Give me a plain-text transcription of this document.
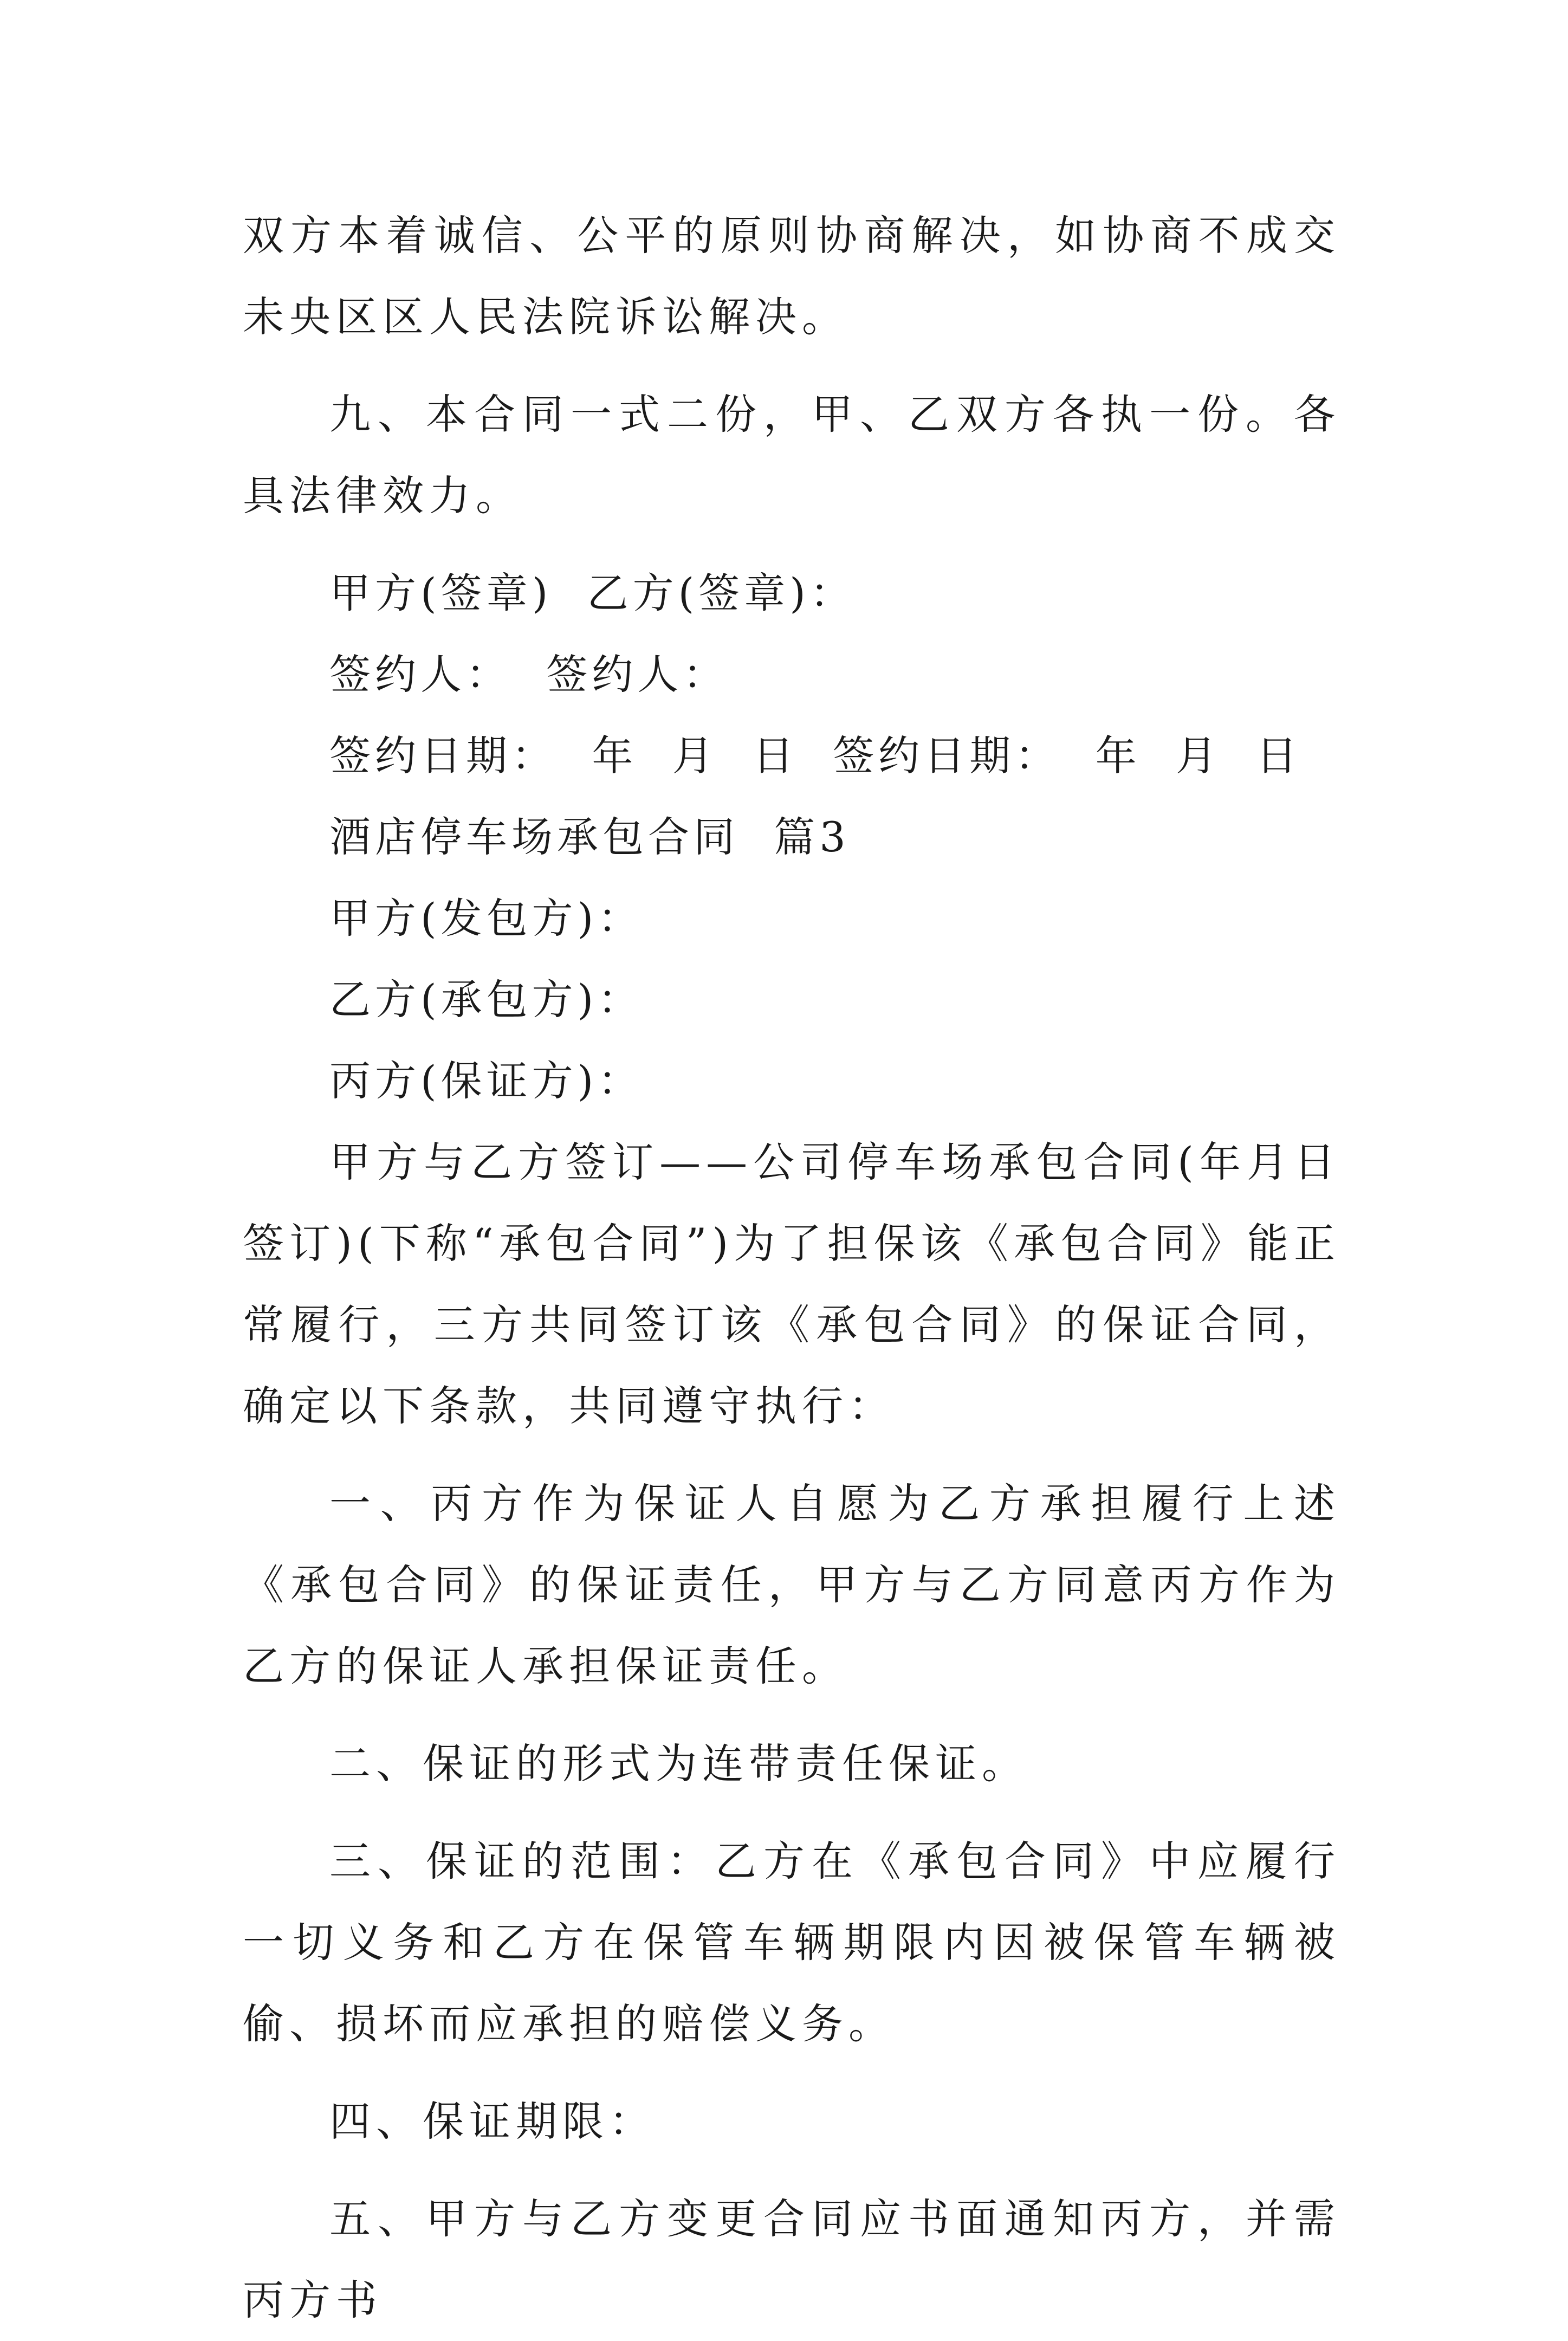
双方本着诚信、公平的原则协商解决，如协商不成交未央区区人民法院诉讼解决。

九、本合同一式二份，甲、乙双方各执一份。各具法律效力。

甲方(签章)  乙方(签章)：

签约人：  签约人：

签约日期：  年  月  日  签约日期：  年  月  日

酒店停车场承包合同  篇3

甲方(发包方)：

乙方(承包方)：

丙方(保证方)：

甲方与乙方签订——公司停车场承包合同(年月日签订)(下称“承包合同”)为了担保该《承包合同》能正常履行，三方共同签订该《承包合同》的保证合同，确定以下条款，共同遵守执行：

一、丙方作为保证人自愿为乙方承担履行上述《承包合同》的保证责任，甲方与乙方同意丙方作为乙方的保证人承担保证责任。

二、保证的形式为连带责任保证。

三、保证的范围：乙方在《承包合同》中应履行一切义务和乙方在保管车辆期限内因被保管车辆被偷、损坏而应承担的赔偿义务。

四、保证期限：

五、甲方与乙方变更合同应书面通知丙方，并需丙方书
